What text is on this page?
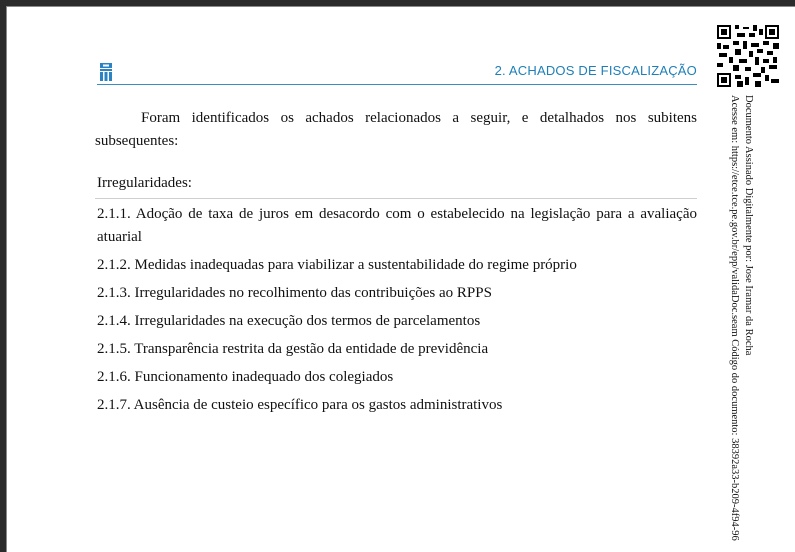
2. ACHADOS DE FISCALIZAÇÃO
Documento Assinado Digitalmente por: Jose Iramar da Rocha
Acesse em: https://etce.tce.pe.gov.br/epp/validaDoc.seam Código do documento: 38392a33-b209-4f94-96
Foram identificados os achados relacionados a seguir, e detalhados nos subitens subsequentes:
Irregularidades:
2.1.1. Adoção de taxa de juros em desacordo com o estabelecido na legislação para a avaliação atuarial
2.1.2. Medidas inadequadas para viabilizar a sustentabilidade do regime próprio
2.1.3. Irregularidades no recolhimento das contribuições ao RPPS
2.1.4. Irregularidades na execução dos termos de parcelamentos
2.1.5. Transparência restrita da gestão da entidade de previdência
2.1.6. Funcionamento inadequado dos colegiados
2.1.7. Ausência de custeio específico para os gastos administrativos
